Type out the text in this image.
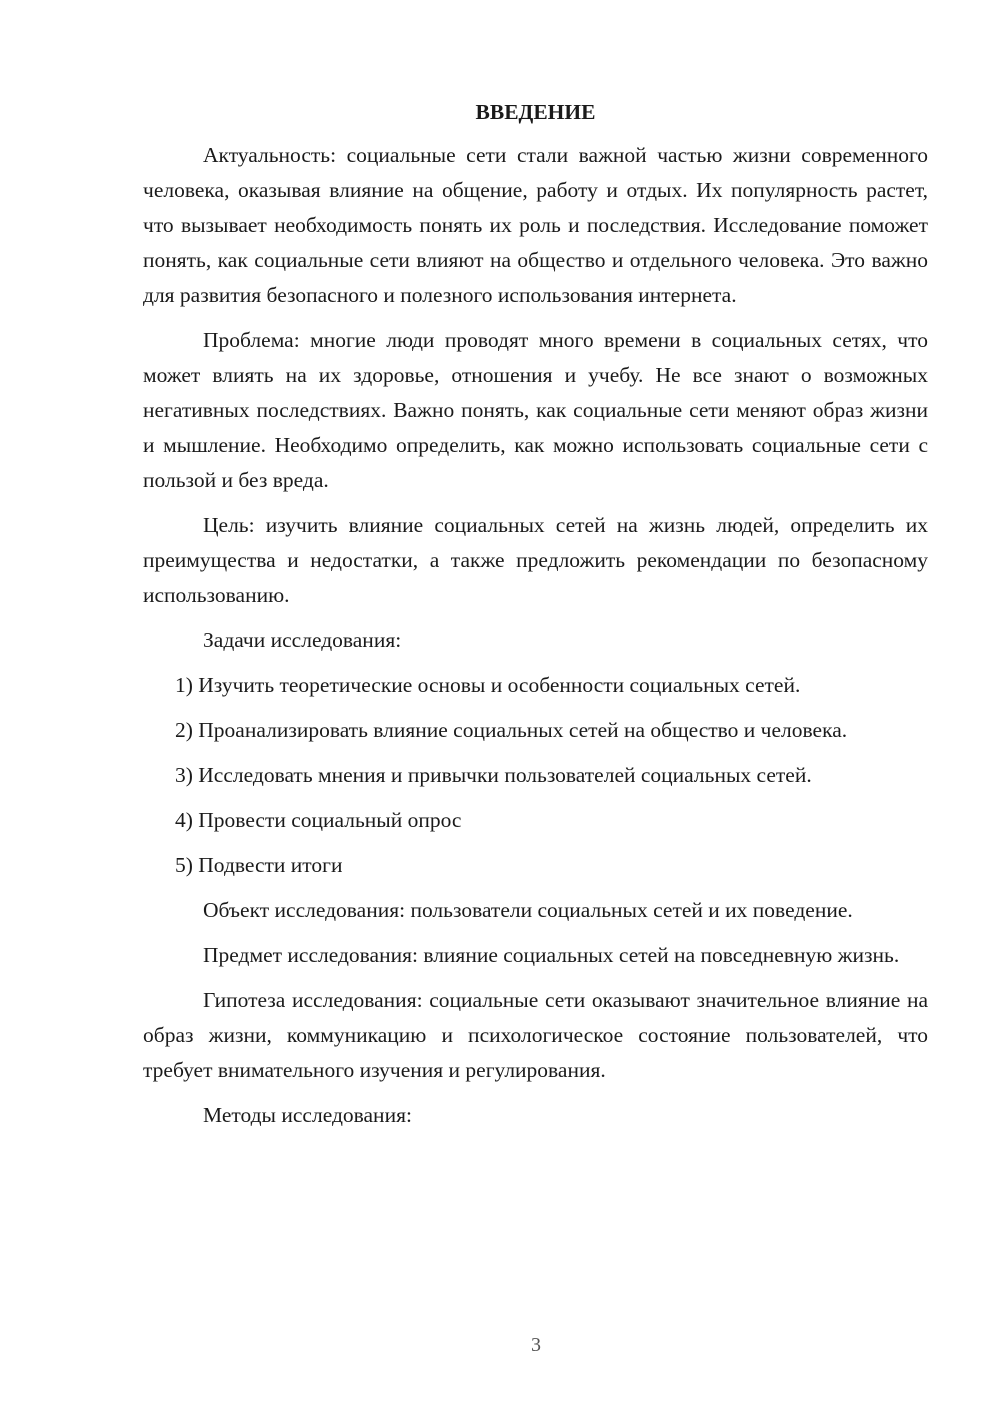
ВВЕДЕНИЕ

Актуальность: социальные сети стали важной частью жизни современного человека, оказывая влияние на общение, работу и отдых. Их популярность растет, что вызывает необходимость понять их роль и последствия. Исследование поможет понять, как социальные сети влияют на общество и отдельного человека. Это важно для развития безопасного и полезного использования интернета.

Проблема: многие люди проводят много времени в социальных сетях, что может влиять на их здоровье, отношения и учебу. Не все знают о возможных негативных последствиях. Важно понять, как социальные сети меняют образ жизни и мышление. Необходимо определить, как можно использовать социальные сети с пользой и без вреда.

Цель: изучить влияние социальных сетей на жизнь людей, определить их преимущества и недостатки, а также предложить рекомендации по безопасному использованию.

Задачи исследования:

1) Изучить теоретические основы и особенности социальных сетей.

2) Проанализировать влияние социальных сетей на общество и человека.

3) Исследовать мнения и привычки пользователей социальных сетей.

4) Провести социальный опрос

5) Подвести итоги

Объект исследования: пользователи социальных сетей и их поведение.

Предмет исследования: влияние социальных сетей на повседневную жизнь.

Гипотеза исследования: социальные сети оказывают значительное влияние на образ жизни, коммуникацию и психологическое состояние пользователей, что требует внимательного изучения и регулирования.

Методы исследования:

3
